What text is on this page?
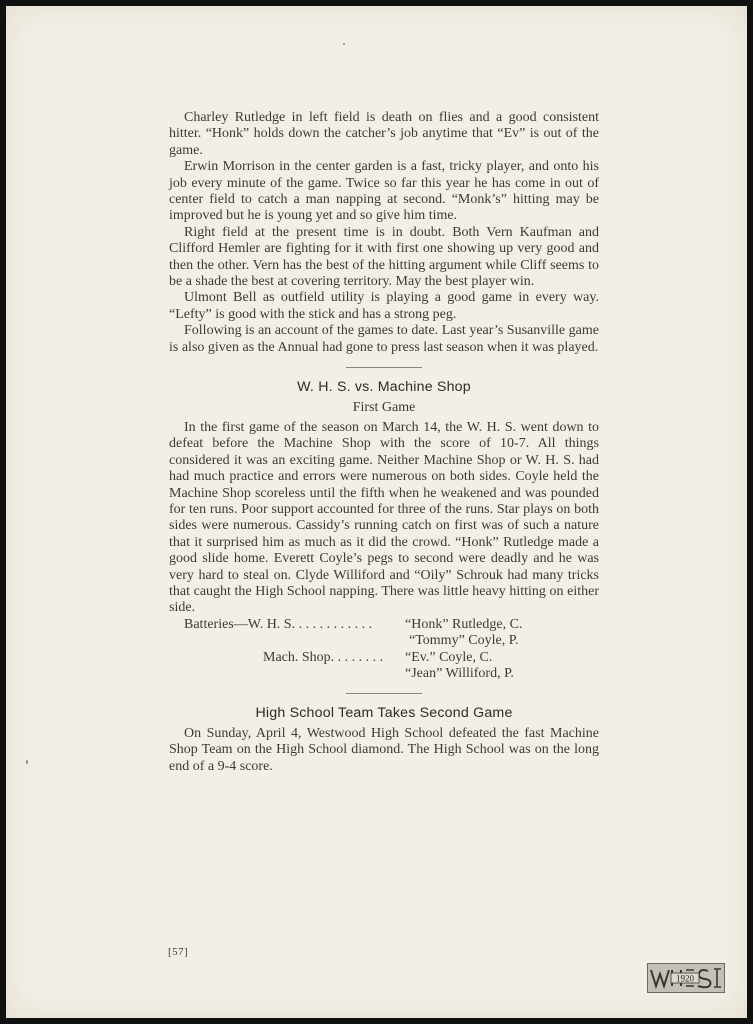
Charley Rutledge in left field is death on flies and a good consistent hitter. “Honk” holds down the catcher’s job anytime that “Ev” is out of the game.

Erwin Morrison in the center garden is a fast, tricky player, and onto his job every minute of the game. Twice so far this year he has come in out of center field to catch a man napping at second. “Monk’s” hitting may be improved but he is young yet and so give him time.

Right field at the present time is in doubt. Both Vern Kaufman and Clifford Hemler are fighting for it with first one showing up very good and then the other. Vern has the best of the hitting argument while Cliff seems to be a shade the best at covering territory. May the best player win.

Ulmont Bell as outfield utility is playing a good game in every way. “Lefty” is good with the stick and has a strong peg.

Following is an account of the games to date. Last year’s Susanville game is also given as the Annual had gone to press last season when it was played.

W. H. S. vs. Machine Shop
First Game

In the first game of the season on March 14, the W. H. S. went down to defeat before the Machine Shop with the score of 10-7. All things considered it was an exciting game. Neither Machine Shop or W. H. S. had had much practice and errors were numerous on both sides. Coyle held the Machine Shop scoreless until the fifth when he weakened and was pounded for ten runs. Poor support accounted for three of the runs. Star plays on both sides were numerous. Cassidy’s running catch on first was of such a nature that it surprised him as much as it did the crowd. “Honk” Rutledge made a good slide home. Everett Coyle’s pegs to second were deadly and he was very hard to steal on. Clyde Williford and “Oily” Schrouk had many tricks that caught the High School napping. There was little heavy hitting on either side.

Batteries—W. H. S. . . . . . . . . . . . “Honk” Rutledge, C.
“Tommy” Coyle, P.
Mach. Shop. . . . . . . . “Ev.” Coyle, C.
“Jean” Williford, P.
High School Team Takes Second Game

On Sunday, April 4, Westwood High School defeated the fast Machine Shop Team on the High School diamond. The High School was on the long end of a 9-4 score.

[57]
1920
